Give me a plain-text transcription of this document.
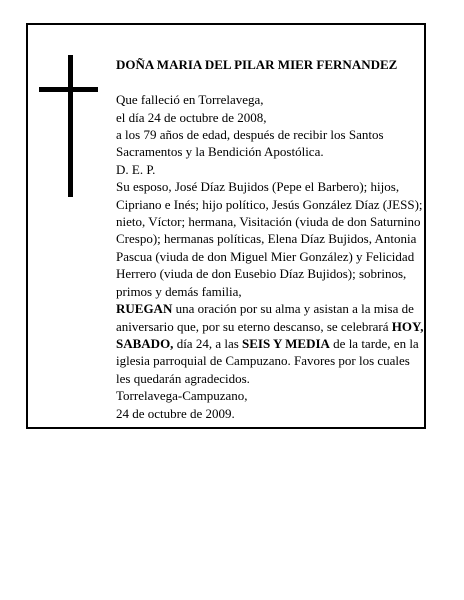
DOÑA MARIA DEL PILAR MIER FERNANDEZ

Que falleció en Torrelavega,
el día 24 de octubre de 2008,
a los 79 años de edad, después de recibir los Santos Sacramentos y la Bendición Apostólica.
D. E. P.
Su esposo, José Díaz Bujidos (Pepe el Barbero); hijos, Cipriano e Inés; hijo político, Jesús González Díaz (JESS); nieto, Víctor; hermana, Visitación (viuda de don Saturnino Crespo); hermanas políticas, Elena Díaz Bujidos, Antonia Pascua (viuda de don Miguel Mier González) y Felicidad Herrero (viuda de don Eusebio Díaz Bujidos); sobrinos, primos y demás familia,
RUEGAN una oración por su alma y asistan a la misa de aniversario que, por su eterno descanso, se celebrará HOY, SABADO, día 24, a las SEIS Y MEDIA de la tarde, en la iglesia parroquial de Campuzano. Favores por los cuales les quedarán agradecidos.
Torrelavega-Campuzano,
24 de octubre de 2009.
